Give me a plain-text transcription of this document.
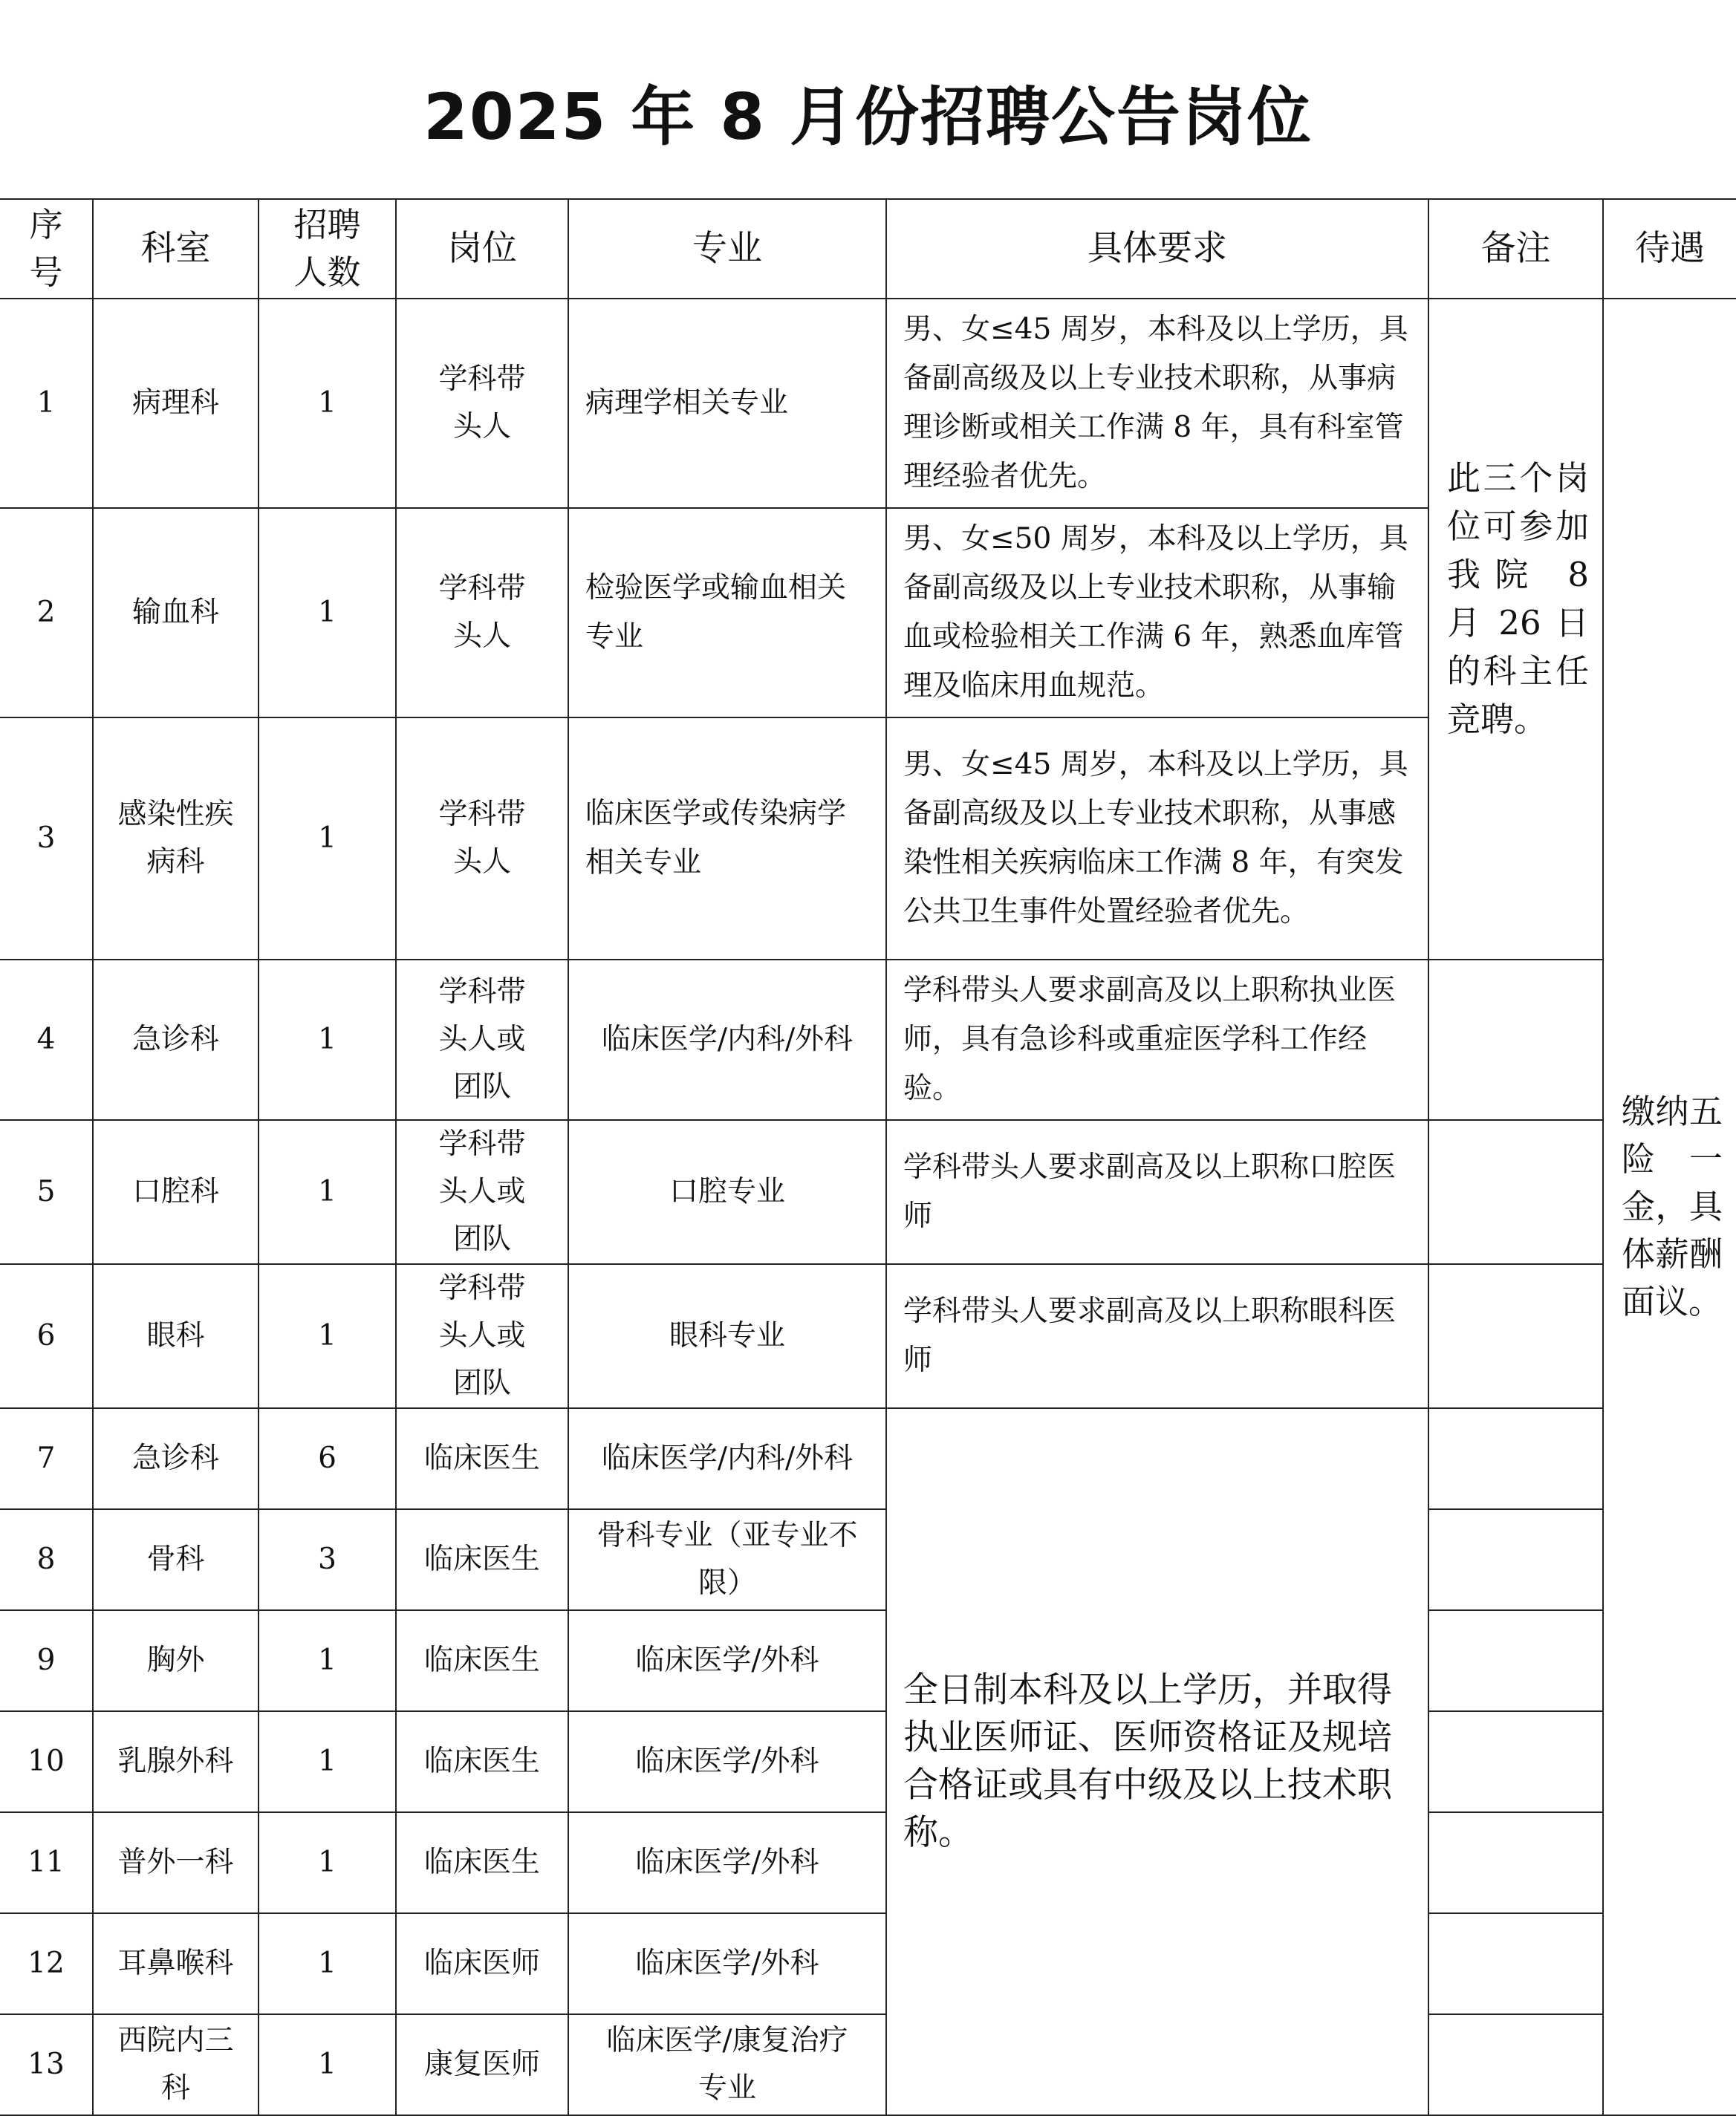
2025 年 8 月份招聘公告岗位
序号	科室	招聘人数	岗位	专业	具体要求	备注	待遇
1	病理科	1	学科带头人	病理学相关专业	男、女≤45 周岁，本科及以上学历，具备副高级及以上专业技术职称，从事病理诊断或相关工作满 8 年，具有科室管理经验者优先。	此三个岗位可参加我院 8 月 26 日的科主任竞聘。	缴纳五险一金，具体薪酬面议。
2	输血科	1	学科带头人	检验医学或输血相关专业	男、女≤50 周岁，本科及以上学历，具备副高级及以上专业技术职称，从事输血或检验相关工作满 6 年，熟悉血库管理及临床用血规范。		
3	感染性疾病科	1	学科带头人	临床医学或传染病学相关专业	男、女≤45 周岁，本科及以上学历，具备副高级及以上专业技术职称，从事感染性相关疾病临床工作满 8 年，有突发公共卫生事件处置经验者优先。		
4	急诊科	1	学科带头人或团队	临床医学/内科/外科	学科带头人要求副高及以上职称执业医师，具有急诊科或重症医学科工作经验。		
5	口腔科	1	学科带头人或团队	口腔专业	学科带头人要求副高及以上职称口腔医师		
6	眼科	1	学科带头人或团队	眼科专业	学科带头人要求副高及以上职称眼科医师		
7	急诊科	6	临床医生	临床医学/内科/外科	全日制本科及以上学历，并取得执业医师证、医师资格证及规培合格证或具有中级及以上技术职称。		
8	骨科	3	临床医生	骨科专业（亚专业不限）			
9	胸外	1	临床医生	临床医学/外科			
10	乳腺外科	1	临床医生	临床医学/外科			
11	普外一科	1	临床医生	临床医学/外科			
12	耳鼻喉科	1	临床医师	临床医学/外科			
13	西院内三科	1	康复医师	临床医学/康复治疗专业			
